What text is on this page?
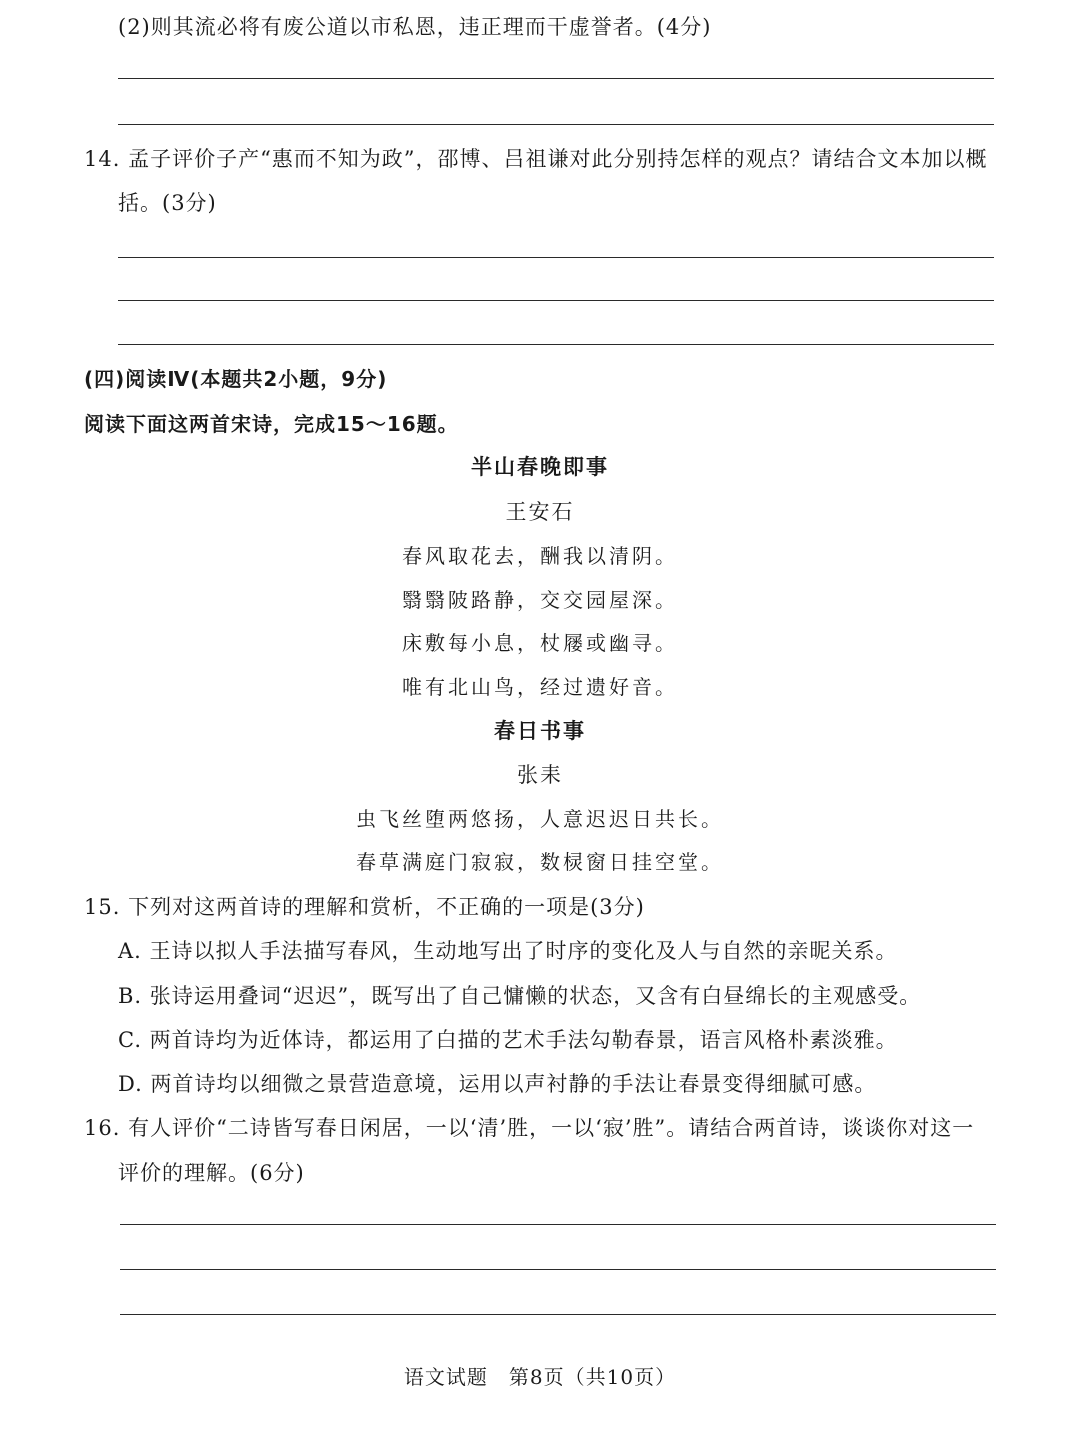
(2)则其流必将有废公道以市私恩，违正理而干虚誉者。(4分)
14. 孟子评价子产“惠而不知为政”，邵博、吕祖谦对此分别持怎样的观点？请结合文本加以概
括。(3分)
(四)阅读Ⅳ(本题共2小题，9分)
阅读下面这两首宋诗，完成15～16题。
半山春晚即事
王安石
春风取花去，酬我以清阴。
翳翳陂路静，交交园屋深。
床敷每小息，杖屦或幽寻。
唯有北山鸟，经过遗好音。
春日书事
张耒
虫飞丝堕两悠扬，人意迟迟日共长。
春草满庭门寂寂，数棂窗日挂空堂。
15. 下列对这两首诗的理解和赏析，不正确的一项是(3分)
A. 王诗以拟人手法描写春风，生动地写出了时序的变化及人与自然的亲昵关系。
B. 张诗运用叠词“迟迟”，既写出了自己慵懒的状态，又含有白昼绵长的主观感受。
C. 两首诗均为近体诗，都运用了白描的艺术手法勾勒春景，语言风格朴素淡雅。
D. 两首诗均以细微之景营造意境，运用以声衬静的手法让春景变得细腻可感。
16. 有人评价“二诗皆写春日闲居，一以‘清’胜，一以‘寂’胜”。请结合两首诗，谈谈你对这一
评价的理解。(6分)
语文试题　第8页（共10页）
